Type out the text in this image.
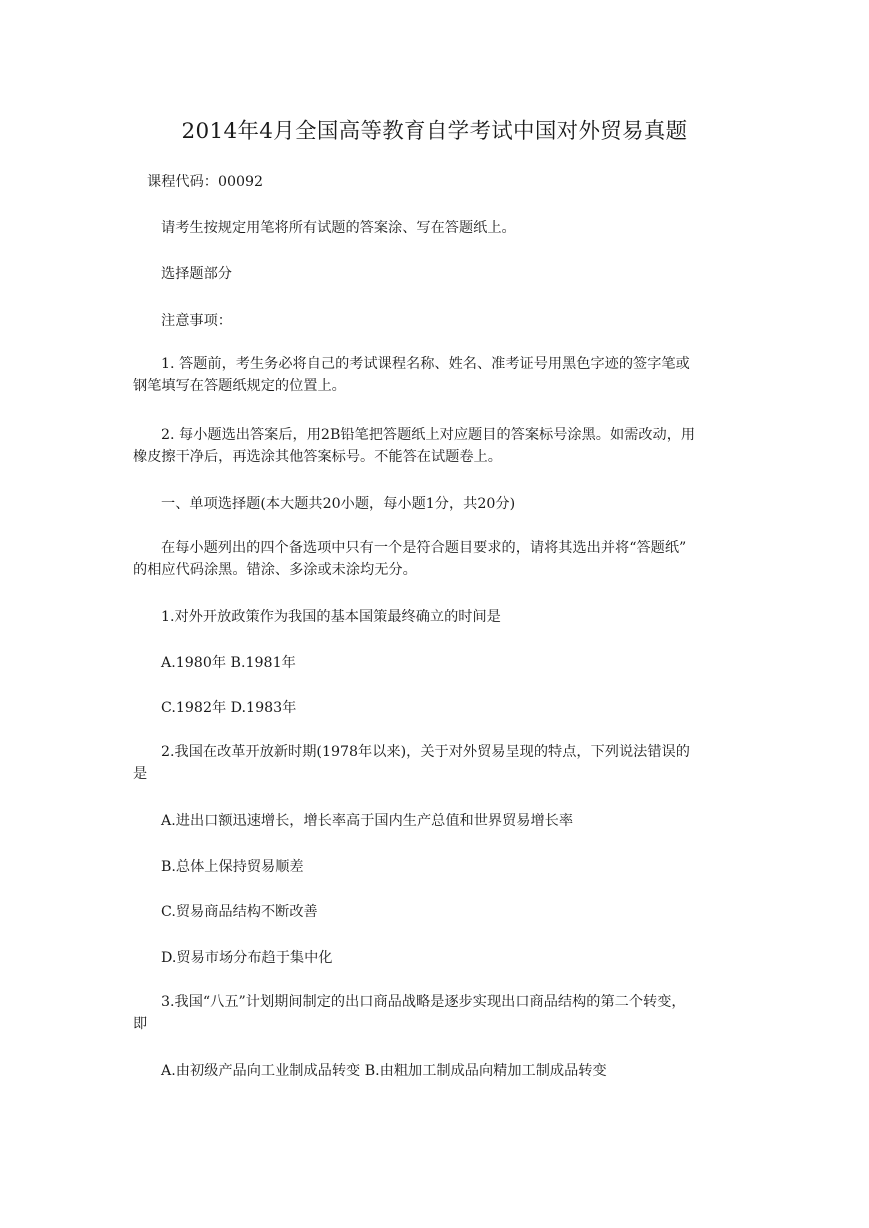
2014年4月全国高等教育自学考试中国对外贸易真题
课程代码：00092
请考生按规定用笔将所有试题的答案涂、写在答题纸上。
选择题部分
注意事项：
1. 答题前，考生务必将自己的考试课程名称、姓名、准考证号用黑色字迹的签字笔或
钢笔填写在答题纸规定的位置上。
2. 每小题选出答案后，用2B铅笔把答题纸上对应题目的答案标号涂黑。如需改动，用
橡皮擦干净后，再选涂其他答案标号。不能答在试题卷上。
一、单项选择题(本大题共20小题，每小题1分，共20分)
在每小题列出的四个备选项中只有一个是符合题目要求的，请将其选出并将“答题纸”
的相应代码涂黑。错涂、多涂或未涂均无分。
1.对外开放政策作为我国的基本国策最终确立的时间是
A.1980年 B.1981年
C.1982年 D.1983年
2.我国在改革开放新时期(1978年以来)，关于对外贸易呈现的特点，下列说法错误的
是
A.进出口额迅速增长，增长率高于国内生产总值和世界贸易增长率
B.总体上保持贸易顺差
C.贸易商品结构不断改善
D.贸易市场分布趋于集中化
3.我国“八五”计划期间制定的出口商品战略是逐步实现出口商品结构的第二个转变，
即
A.由初级产品向工业制成品转变 B.由粗加工制成品向精加工制成品转变
